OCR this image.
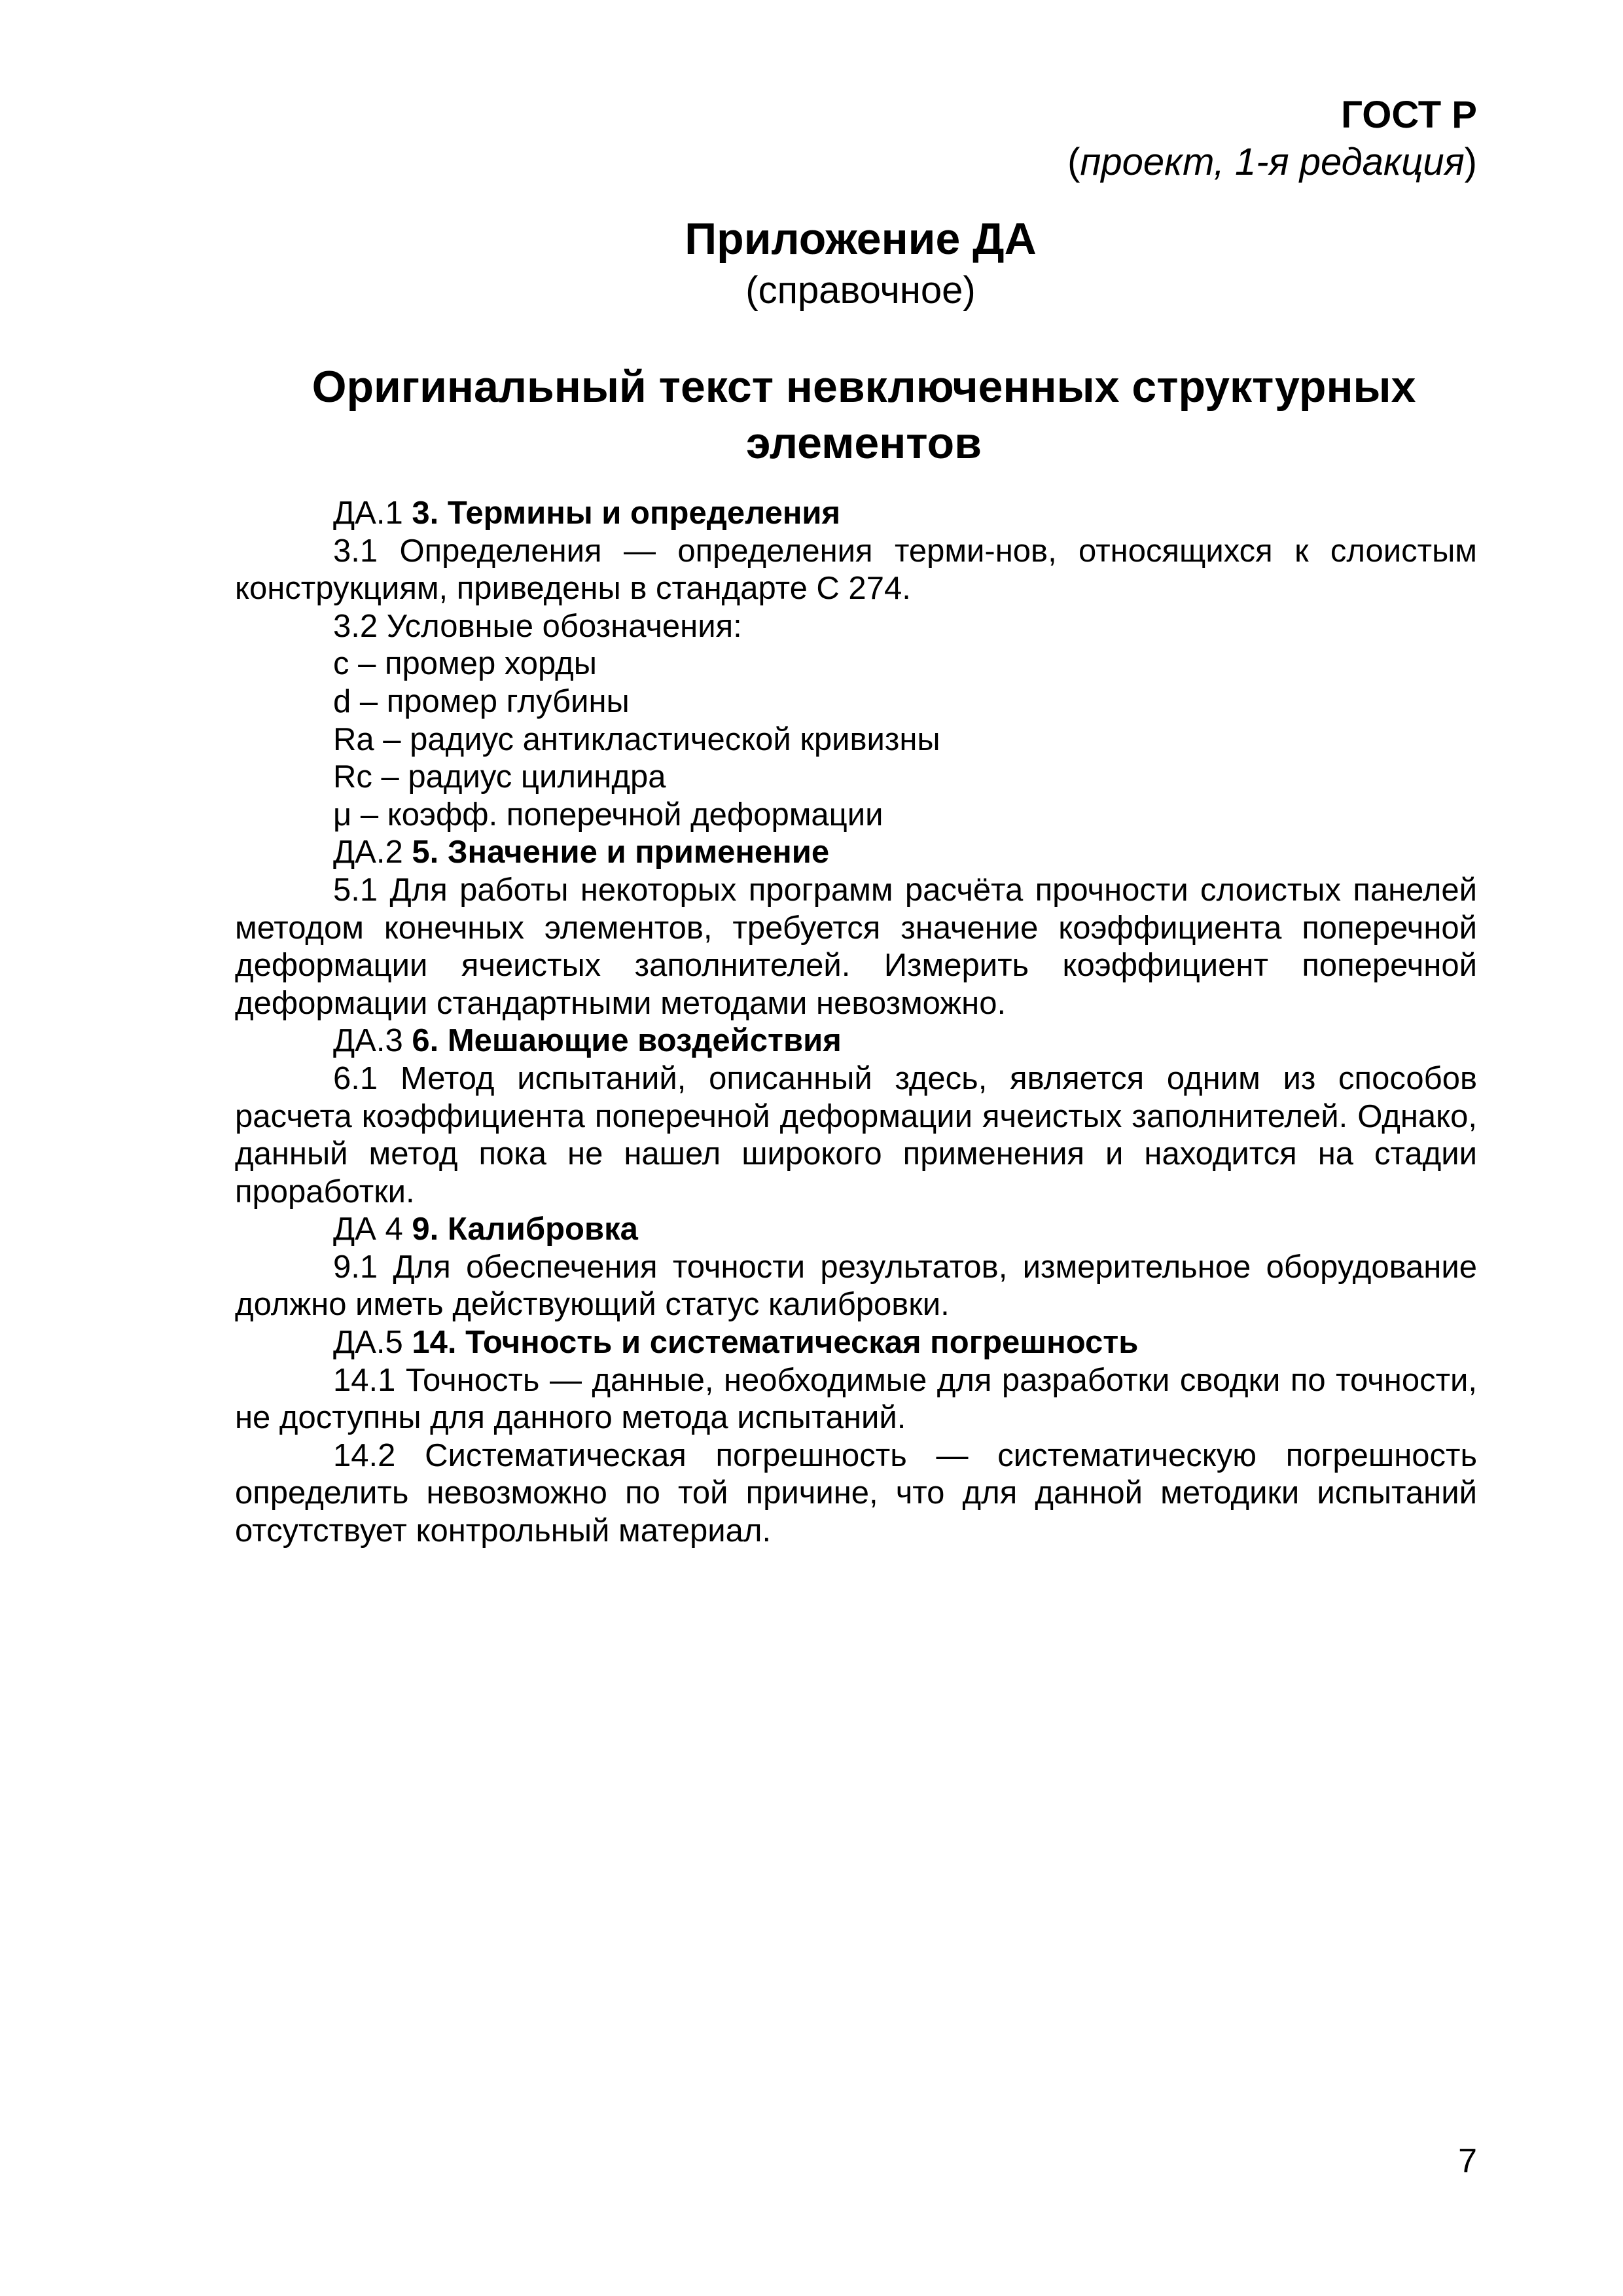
ГОСТ Р
(проект, 1-я редакция)
Приложение ДА
(справочное)
Оригинальный текст невключенных структурных
элементов

ДА.1 3. Термины и определения

3.1 Определения — определения терми-нов, относящихся к слоистым конструкциям, приведены в стандарте С 274.

3.2 Условные обозначения:

с – промер хорды

d – промер глубины

Ra – радиус антикластической кривизны

Rс – радиус цилиндра

μ – коэфф. поперечной деформации

ДА.2 5. Значение и применение

5.1 Для работы некоторых программ расчёта прочности слоистых панелей методом конечных элементов, требуется значение коэффициента поперечной деформации ячеистых заполнителей. Измерить коэффициент поперечной деформации стандартными методами невозможно.

ДА.3 6. Мешающие воздействия

6.1 Метод испытаний, описанный здесь, является одним из способов расчета коэффициента поперечной деформации ячеистых заполнителей. Однако, данный метод пока не нашел широкого применения и находится на стадии проработки.

ДА 4 9. Калибровка

9.1 Для обеспечения точности результатов, измерительное оборудование должно иметь действующий статус калибровки.

ДА.5 14. Точность и систематическая погрешность

14.1 Точность — данные, необходимые для разработки сводки по точности, не доступны для данного метода испытаний.

14.2 Систематическая погрешность — систематическую погрешность определить невозможно по той причине, что для данной методики испытаний отсутствует контрольный материал.

7
